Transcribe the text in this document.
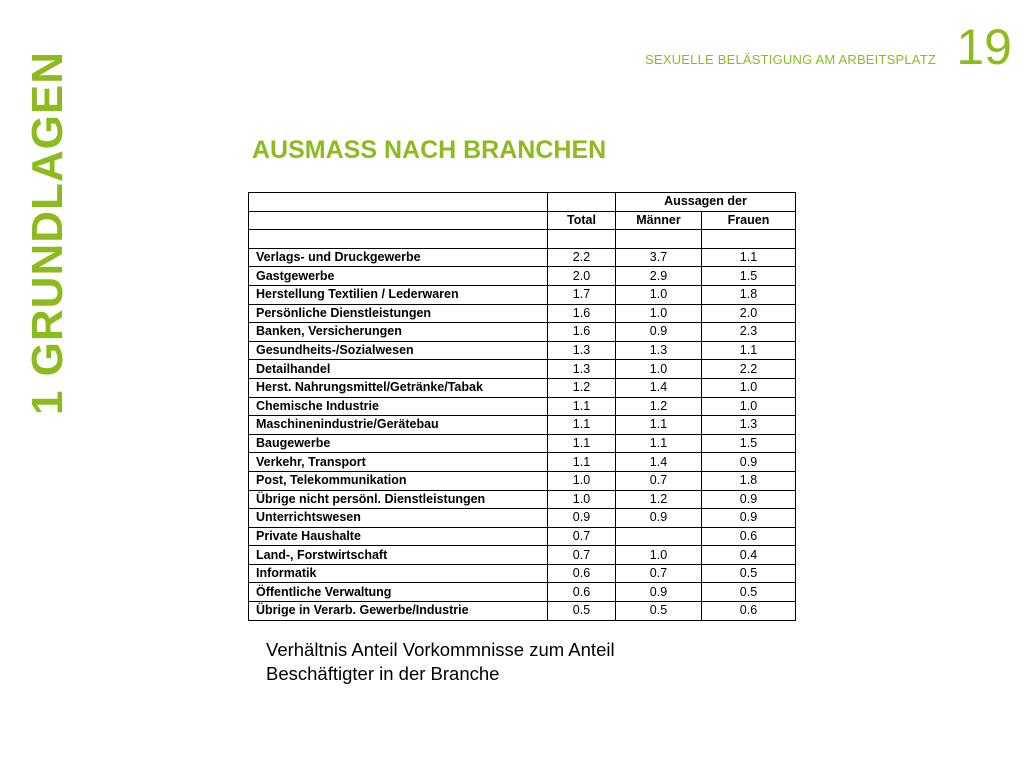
1 GRUNDLAGEN	SEXUELLE BELÄSTIGUNG AM ARBEITSPLATZ 19
AUSMASS NACH BRANCHEN
		Aussagen der	
	Total	Männer	Frauen

Verlags- und Druckgewerbe	2.2	3.7	1.1
Gastgewerbe	2.0	2.9	1.5
Herstellung Textilien / Lederwaren	1.7	1.0	1.8
Persönliche Dienstleistungen	1.6	1.0	2.0
Banken, Versicherungen	1.6	0.9	2.3
Gesundheits-/Sozialwesen	1.3	1.3	1.1
Detailhandel	1.3	1.0	2.2
Herst. Nahrungsmittel/Getränke/Tabak	1.2	1.4	1.0
Chemische Industrie	1.1	1.2	1.0
Maschinenindustrie/Gerätebau	1.1	1.1	1.3
Baugewerbe	1.1	1.1	1.5
Verkehr, Transport	1.1	1.4	0.9
Post, Telekommunikation	1.0	0.7	1.8
Übrige nicht persönl. Dienstleistungen	1.0	1.2	0.9
Unterrichtswesen	0.9	0.9	0.9
Private Haushalte	0.7		0.6
Land-, Forstwirtschaft	0.7	1.0	0.4
Informatik	0.6	0.7	0.5
Öffentliche Verwaltung	0.6	0.9	0.5
Übrige in Verarb. Gewerbe/Industrie	0.5	0.5	0.6
Verhältnis Anteil Vorkommnisse zum Anteil
Beschäftigter in der Branche
